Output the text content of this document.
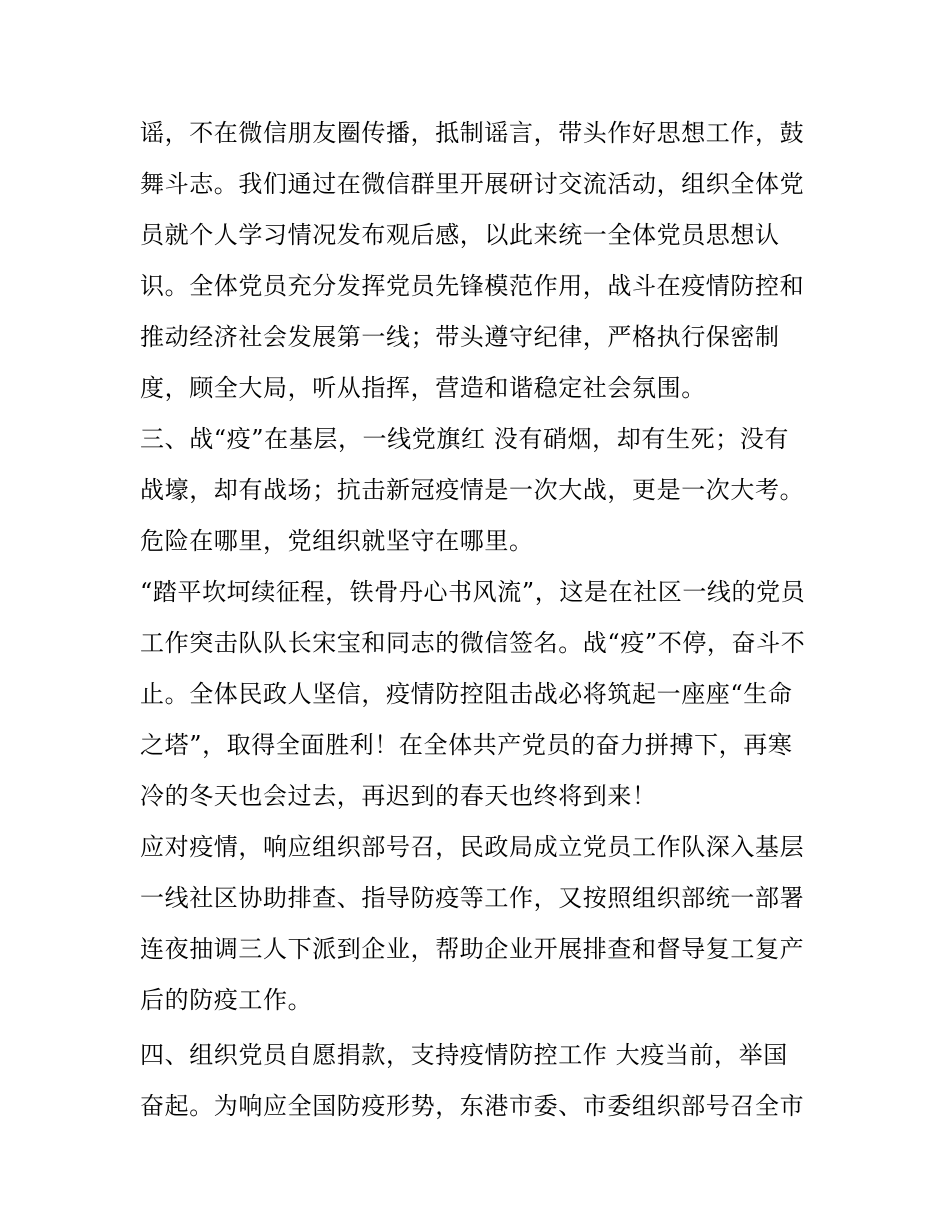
谣，不在微信朋友圈传播，抵制谣言，带头作好思想工作，鼓
舞斗志。我们通过在微信群里开展研讨交流活动，组织全体党
员就个人学习情况发布观后感，以此来统一全体党员思想认
识。全体党员充分发挥党员先锋模范作用，战斗在疫情防控和
推动经济社会发展第一线；带头遵守纪律，严格执行保密制
度，顾全大局，听从指挥，营造和谐稳定社会氛围。
三、战“疫”在基层，一线党旗红 没有硝烟，却有生死；没有
战壕，却有战场；抗击新冠疫情是一次大战，更是一次大考。
危险在哪里，党组织就坚守在哪里。
“踏平坎坷续征程，铁骨丹心书风流”，这是在社区一线的党员
工作突击队队长宋宝和同志的微信签名。战“疫”不停，奋斗不
止。全体民政人坚信，疫情防控阻击战必将筑起一座座“生命
之塔”，取得全面胜利！在全体共产党员的奋力拼搏下，再寒
冷的冬天也会过去，再迟到的春天也终将到来！
应对疫情，响应组织部号召，民政局成立党员工作队深入基层
一线社区协助排查、指导防疫等工作，又按照组织部统一部署
连夜抽调三人下派到企业，帮助企业开展排查和督导复工复产
后的防疫工作。
四、组织党员自愿捐款，支持疫情防控工作 大疫当前，举国
奋起。为响应全国防疫形势，东港市委、市委组织部号召全市
